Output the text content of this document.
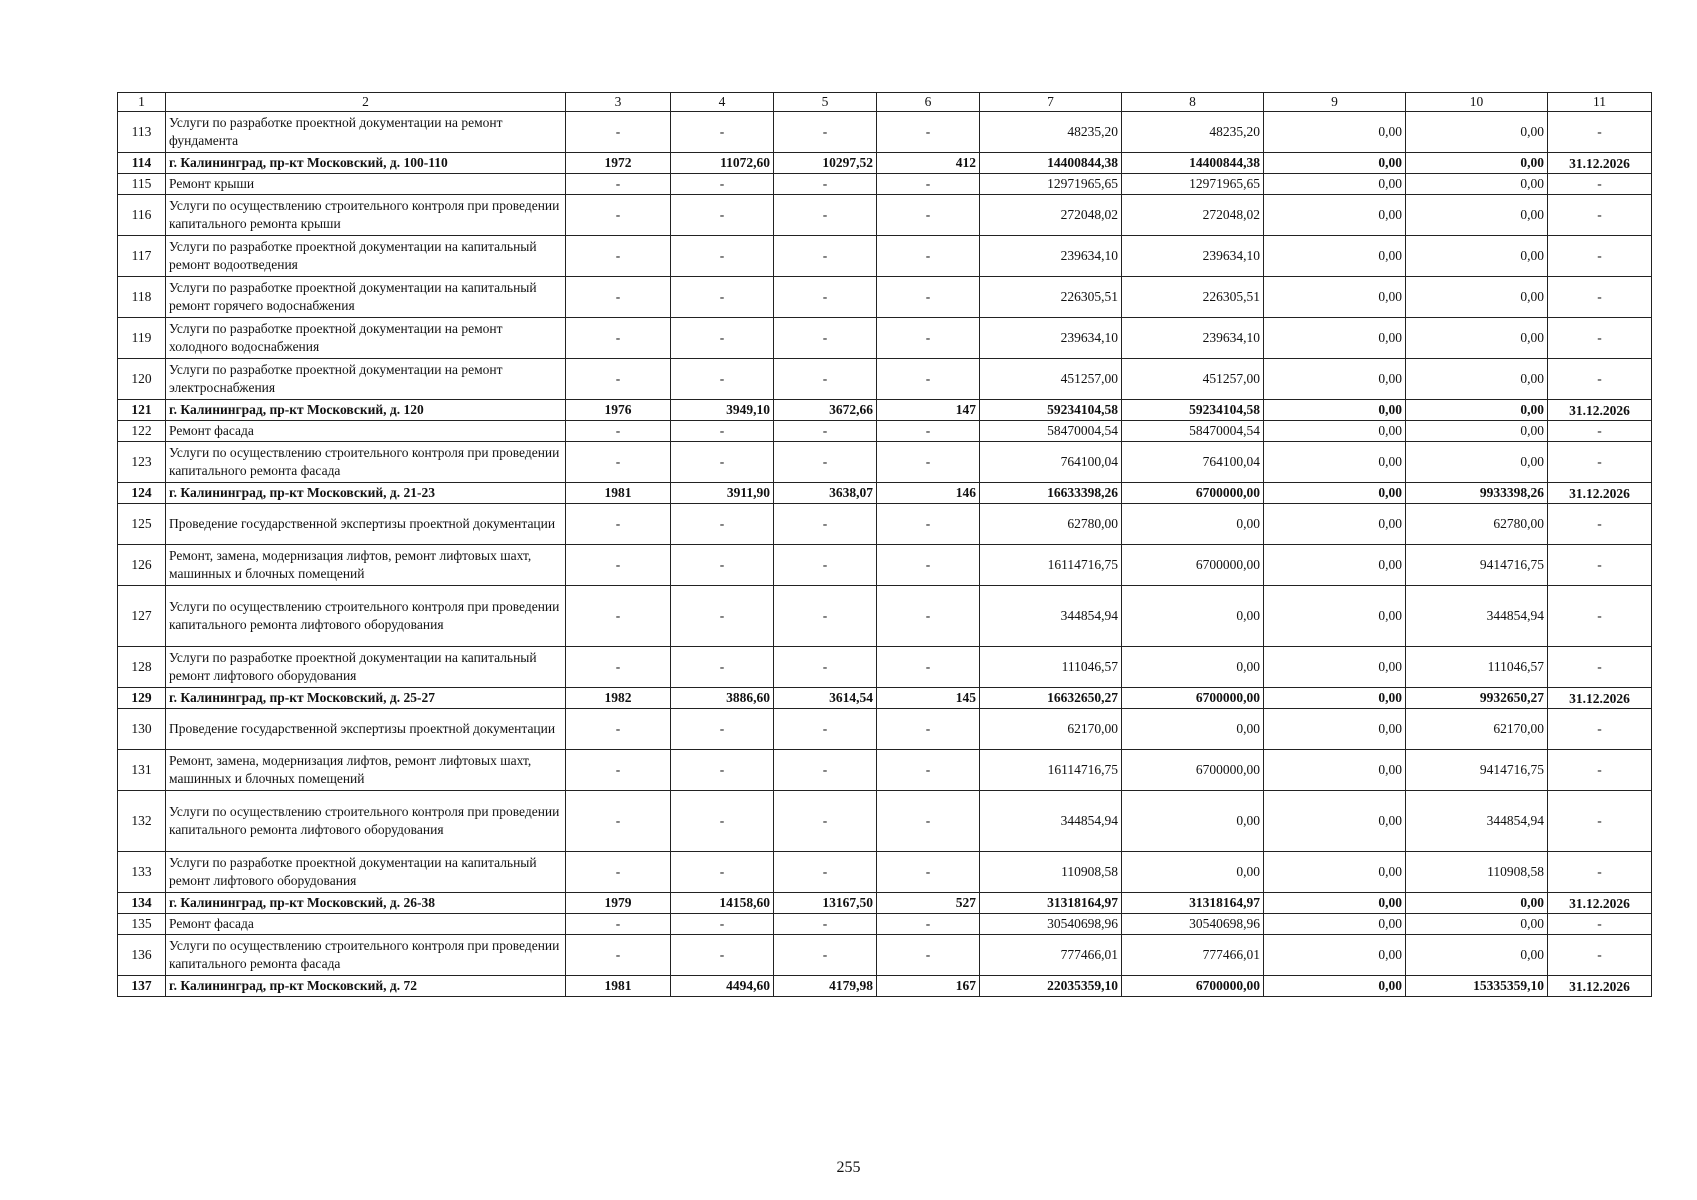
1	2	3	4	5	6	7	8	9	10	11
113	Услуги по разработке проектной документации на ремонт фундамента	-	-	-	-	48235,20	48235,20	0,00	0,00	-
114	г. Калининград, пр-кт Московский, д. 100-110	1972	11072,60	10297,52	412	14400844,38	14400844,38	0,00	0,00	31.12.2026
115	Ремонт крыши	-	-	-	-	12971965,65	12971965,65	0,00	0,00	-
116	Услуги по осуществлению строительного контроля при проведении капитального ремонта крыши	-	-	-	-	272048,02	272048,02	0,00	0,00	-
117	Услуги по разработке проектной документации на капитальный ремонт водоотведения	-	-	-	-	239634,10	239634,10	0,00	0,00	-
118	Услуги по разработке проектной документации на капитальный ремонт горячего водоснабжения	-	-	-	-	226305,51	226305,51	0,00	0,00	-
119	Услуги по разработке проектной документации на ремонт холодного водоснабжения	-	-	-	-	239634,10	239634,10	0,00	0,00	-
120	Услуги по разработке проектной документации на ремонт электроснабжения	-	-	-	-	451257,00	451257,00	0,00	0,00	-
121	г. Калининград, пр-кт Московский, д. 120	1976	3949,10	3672,66	147	59234104,58	59234104,58	0,00	0,00	31.12.2026
122	Ремонт фасада	-	-	-	-	58470004,54	58470004,54	0,00	0,00	-
123	Услуги по осуществлению строительного контроля при проведении капитального ремонта фасада	-	-	-	-	764100,04	764100,04	0,00	0,00	-
124	г. Калининград, пр-кт Московский, д. 21-23	1981	3911,90	3638,07	146	16633398,26	6700000,00	0,00	9933398,26	31.12.2026
125	Проведение государственной экспертизы проектной документации	-	-	-	-	62780,00	0,00	0,00	62780,00	-
126	Ремонт, замена, модернизация лифтов, ремонт лифтовых шахт, машинных и блочных помещений	-	-	-	-	16114716,75	6700000,00	0,00	9414716,75	-
127	Услуги по осуществлению строительного контроля при проведении капитального ремонта лифтового оборудования	-	-	-	-	344854,94	0,00	0,00	344854,94	-
128	Услуги по разработке проектной документации на капитальный ремонт лифтового оборудования	-	-	-	-	111046,57	0,00	0,00	111046,57	-
129	г. Калининград, пр-кт Московский, д. 25-27	1982	3886,60	3614,54	145	16632650,27	6700000,00	0,00	9932650,27	31.12.2026
130	Проведение государственной экспертизы проектной документации	-	-	-	-	62170,00	0,00	0,00	62170,00	-
131	Ремонт, замена, модернизация лифтов, ремонт лифтовых шахт, машинных и блочных помещений	-	-	-	-	16114716,75	6700000,00	0,00	9414716,75	-
132	Услуги по осуществлению строительного контроля при проведении капитального ремонта лифтового оборудования	-	-	-	-	344854,94	0,00	0,00	344854,94	-
133	Услуги по разработке проектной документации на капитальный ремонт лифтового оборудования	-	-	-	-	110908,58	0,00	0,00	110908,58	-
134	г. Калининград, пр-кт Московский, д. 26-38	1979	14158,60	13167,50	527	31318164,97	31318164,97	0,00	0,00	31.12.2026
135	Ремонт фасада	-	-	-	-	30540698,96	30540698,96	0,00	0,00	-
136	Услуги по осуществлению строительного контроля при проведении капитального ремонта фасада	-	-	-	-	777466,01	777466,01	0,00	0,00	-
137	г. Калининград, пр-кт Московский, д. 72	1981	4494,60	4179,98	167	22035359,10	6700000,00	0,00	15335359,10	31.12.2026
255
